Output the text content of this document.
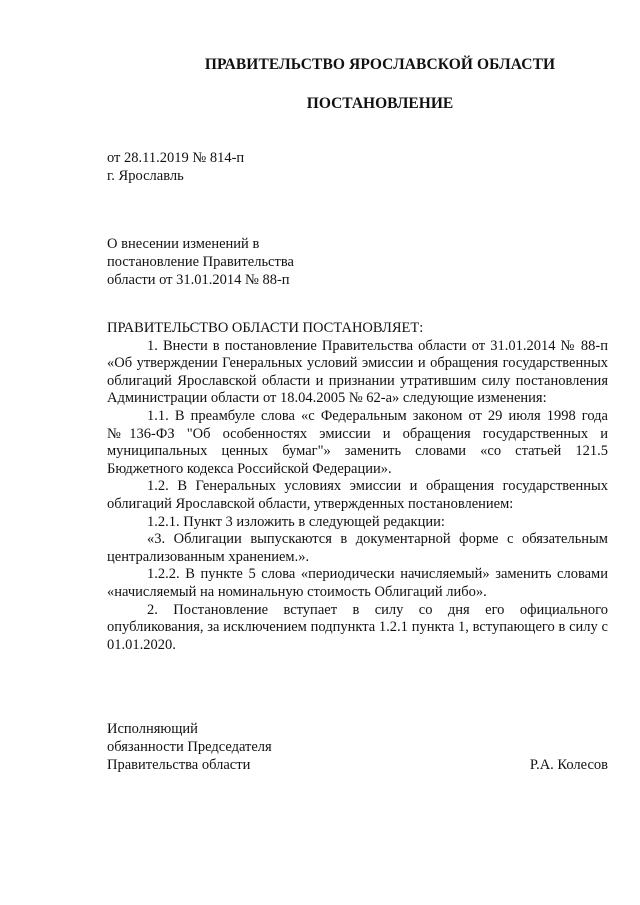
ПРАВИТЕЛЬСТВО ЯРОСЛАВСКОЙ ОБЛАСТИ
ПОСТАНОВЛЕНИЕ
от 28.11.2019 № 814-п
г. Ярославль
О внесении изменений в
постановление Правительства
области от 31.01.2014 № 88-п

ПРАВИТЕЛЬСТВО ОБЛАСТИ ПОСТАНОВЛЯЕТ:

1. Внести в постановление Правительства области от 31.01.2014 № 88-п «Об утверждении Генеральных условий эмиссии и обращения государственных облигаций Ярославской области и признании утратившим силу постановления Администрации области от 18.04.2005 № 62-а» следующие изменения:

1.1. В преамбуле слова «с Федеральным законом от 29 июля 1998 года №136-ФЗ "Об особенностях эмиссии и обращения государственных и муниципальных ценных бумаг"» заменить словами «со статьей 121.5 Бюджетного кодекса Российской Федерации».

1.2. В Генеральных условиях эмиссии и обращения государственных облигаций Ярославской области, утвержденных постановлением:

1.2.1. Пункт 3 изложить в следующей редакции:

«3. Облигации выпускаются в документарной форме с обязательным централизованным хранением.».

1.2.2. В пункте 5 слова «периодически начисляемый» заменить словами «начисляемый на номинальную стоимость Облигаций либо».

2. Постановление вступает в силу со дня его официального опубликования, за исключением подпункта 1.2.1 пункта 1, вступающего в силу с 01.01.2020.

Исполняющий
обязанности Председателя
Правительства области	Р.А. Колесов
